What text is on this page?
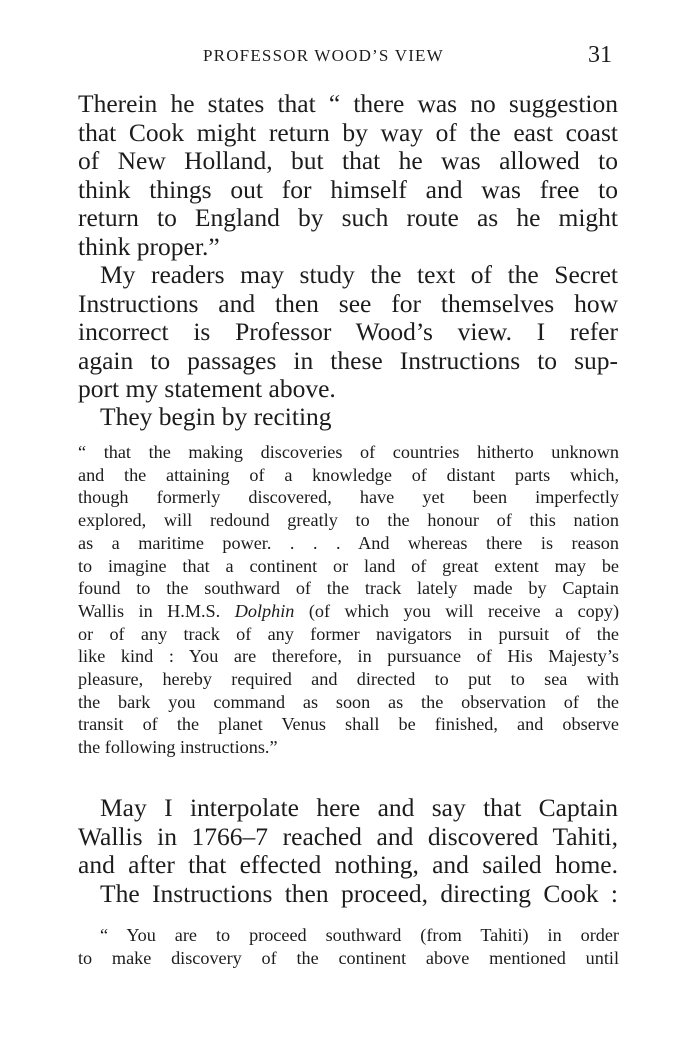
PROFESSOR WOOD’S VIEW	31
Therein he states that “ there was no suggestion
that Cook might return by way of the east coast
of New Holland, but that he was allowed to
think things out for himself and was free to
return to England by such route as he might
think proper.”
My readers may study the text of the Secret
Instructions and then see for themselves how
incorrect is Professor Wood’s view. I refer
again to passages in these Instructions to sup-
port my statement above.
They begin by reciting
“ that the making discoveries of countries hitherto unknown
and the attaining of a knowledge of distant parts which,
though formerly discovered, have yet been imperfectly
explored, will redound greatly to the honour of this nation
as a maritime power. . . . And whereas there is reason
to imagine that a continent or land of great extent may be
found to the southward of the track lately made by Captain
Wallis in H.M.S. Dolphin (of which you will receive a copy)
or of any track of any former navigators in pursuit of the
like kind : You are therefore, in pursuance of His Majesty’s
pleasure, hereby required and directed to put to sea with
the bark you command as soon as the observation of the
transit of the planet Venus shall be finished, and observe
the following instructions.”
May I interpolate here and say that Captain
Wallis in 1766–7 reached and discovered Tahiti,
and after that effected nothing, and sailed home.
The Instructions then proceed, directing Cook :
“ You are to proceed southward (from Tahiti) in order
to make discovery of the continent above mentioned until
